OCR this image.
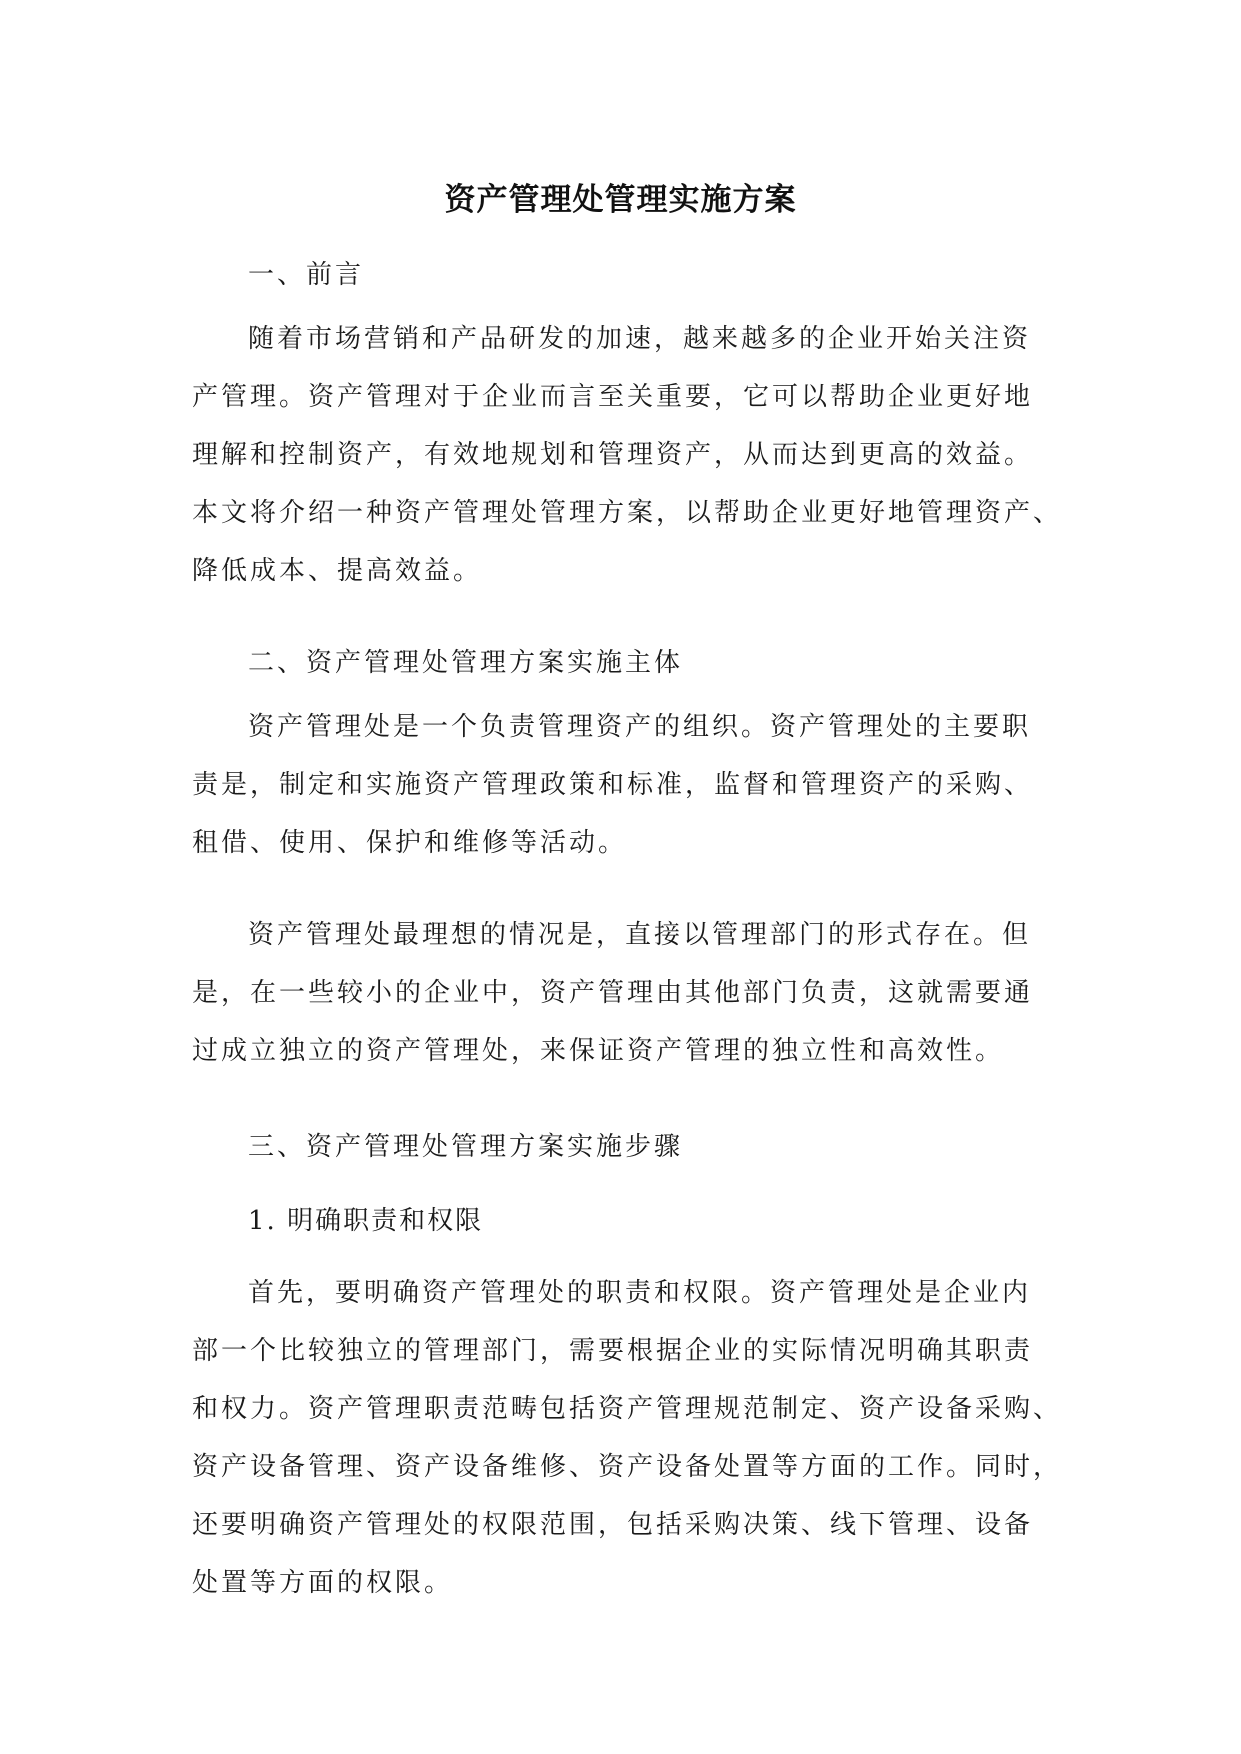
资产管理处管理实施方案
一、前言
随着市场营销和产品研发的加速，越来越多的企业开始关注资
产管理。资产管理对于企业而言至关重要，它可以帮助企业更好地
理解和控制资产，有效地规划和管理资产，从而达到更高的效益。
本文将介绍一种资产管理处管理方案，以帮助企业更好地管理资产、
降低成本、提高效益。
二、资产管理处管理方案实施主体
资产管理处是一个负责管理资产的组织。资产管理处的主要职
责是，制定和实施资产管理政策和标准，监督和管理资产的采购、
租借、使用、保护和维修等活动。
资产管理处最理想的情况是，直接以管理部门的形式存在。但
是，在一些较小的企业中，资产管理由其他部门负责，这就需要通
过成立独立的资产管理处，来保证资产管理的独立性和高效性。
三、资产管理处管理方案实施步骤
1. 明确职责和权限
首先，要明确资产管理处的职责和权限。资产管理处是企业内
部一个比较独立的管理部门，需要根据企业的实际情况明确其职责
和权力。资产管理职责范畴包括资产管理规范制定、资产设备采购、
资产设备管理、资产设备维修、资产设备处置等方面的工作。同时，
还要明确资产管理处的权限范围，包括采购决策、线下管理、设备
处置等方面的权限。
